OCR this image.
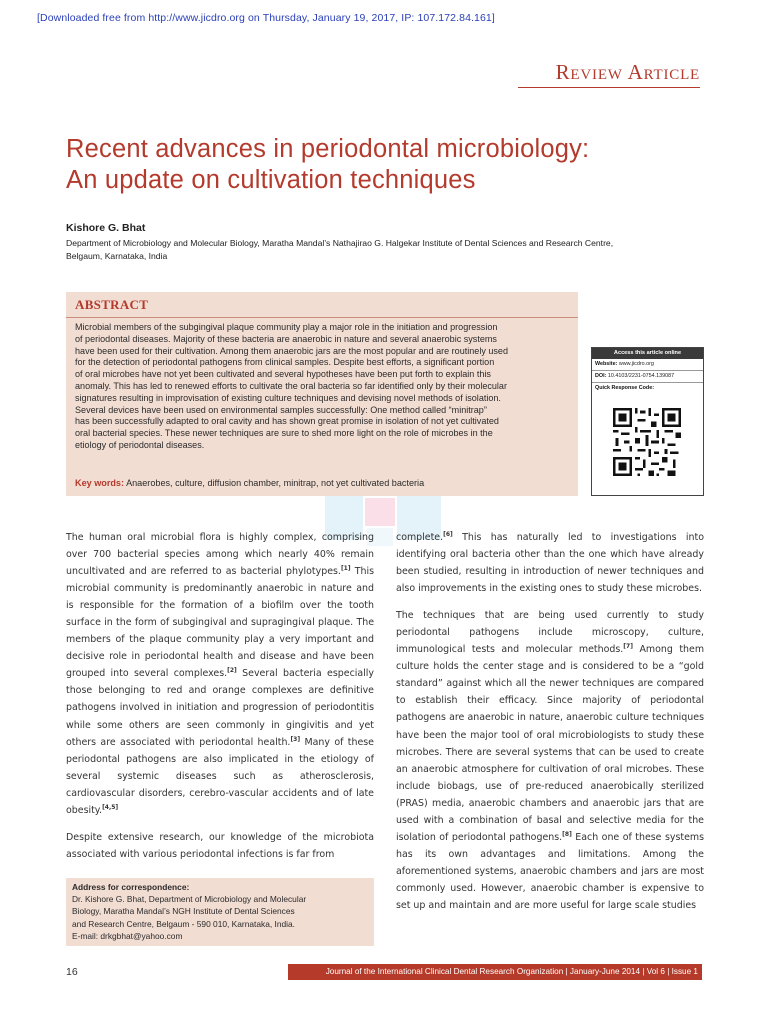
[Downloaded free from http://www.jicdro.org on Thursday, January 19, 2017, IP: 107.172.84.161]
Review Article
Recent advances in periodontal microbiology:
An update on cultivation techniques
Kishore G. Bhat
Department of Microbiology and Molecular Biology, Maratha Mandal’s Nathajirao G. Halgekar Institute of Dental Sciences and Research Centre,
Belgaum, Karnataka, India
ABSTRACT
Microbial members of the subgingival plaque community play a major role in the initiation and progression
of periodontal diseases. Majority of these bacteria are anaerobic in nature and several anaerobic systems
have been used for their cultivation. Among them anaerobic jars are the most popular and are routinely used
for the detection of periodontal pathogens from clinical samples. Despite best efforts, a significant portion
of oral microbes have not yet been cultivated and several hypotheses have been put forth to explain this
anomaly. This has led to renewed efforts to cultivate the oral bacteria so far identified only by their molecular
signatures resulting in improvisation of existing culture techniques and devising novel methods of isolation.
Several devices have been used on environmental samples successfully: One method called “minitrap”
has been successfully adapted to oral cavity and has shown great promise in isolation of not yet cultivated
oral bacterial species. These newer techniques are sure to shed more light on the role of microbes in the
etiology of periodontal diseases.
Key words: Anaerobes, culture, diffusion chamber, minitrap, not yet cultivated bacteria
Access this article online
Website: www.jicdro.org
DOI: 10.4103/2231-0754.139087
Quick Response Code:

The human oral microbial flora is highly complex, comprising over 700 bacterial species among which nearly 40% remain uncultivated and are referred to as bacterial phylotypes.[1] This microbial community is predominantly anaerobic in nature and is responsible for the formation of a biofilm over the tooth surface in the form of subgingival and supragingival plaque. The members of the plaque community play a very important and decisive role in periodontal health and disease and have been grouped into several complexes.[2] Several bacteria especially those belonging to red and orange complexes are definitive pathogens involved in initiation and progression of periodontitis while some others are seen commonly in gingivitis and yet others are associated with periodontal health.[3] Many of these periodontal pathogens are also implicated in the etiology of several systemic diseases such as atherosclerosis, cardiovascular disorders, cerebro-vascular accidents and of late obesity.[4,5]

Despite extensive research, our knowledge of the microbiota associated with various periodontal infections is far from

Address for correspondence:
Dr. Kishore G. Bhat, Department of Microbiology and Molecular
Biology, Maratha Mandal’s NGH Institute of Dental Sciences
and Research Centre, Belgaum - 590 010, Karnataka, India.
E-mail: drkgbhat@yahoo.com

complete.[6] This has naturally led to investigations into identifying oral bacteria other than the one which have already been studied, resulting in introduction of newer techniques and also improvements in the existing ones to study these microbes.

The techniques that are being used currently to study periodontal pathogens include microscopy, culture, immunological tests and molecular methods.[7] Among them culture holds the center stage and is considered to be a “gold standard” against which all the newer techniques are compared to establish their efficacy. Since majority of periodontal pathogens are anaerobic in nature, anaerobic culture techniques have been the major tool of oral microbiologists to study these microbes. There are several systems that can be used to create an anaerobic atmosphere for cultivation of oral microbes. These include biobags, use of pre-reduced anaerobically sterilized (PRAS) media, anaerobic chambers and anaerobic jars that are used with a combination of basal and selective media for the isolation of periodontal pathogens.[8] Each one of these systems has its own advantages and limitations. Among the aforementioned systems, anaerobic chambers and jars are most commonly used. However, anaerobic chamber is expensive to set up and maintain and are more useful for large scale studies

16	Journal of the International Clinical Dental Research Organization | January-June 2014 | Vol 6 | Issue 1
